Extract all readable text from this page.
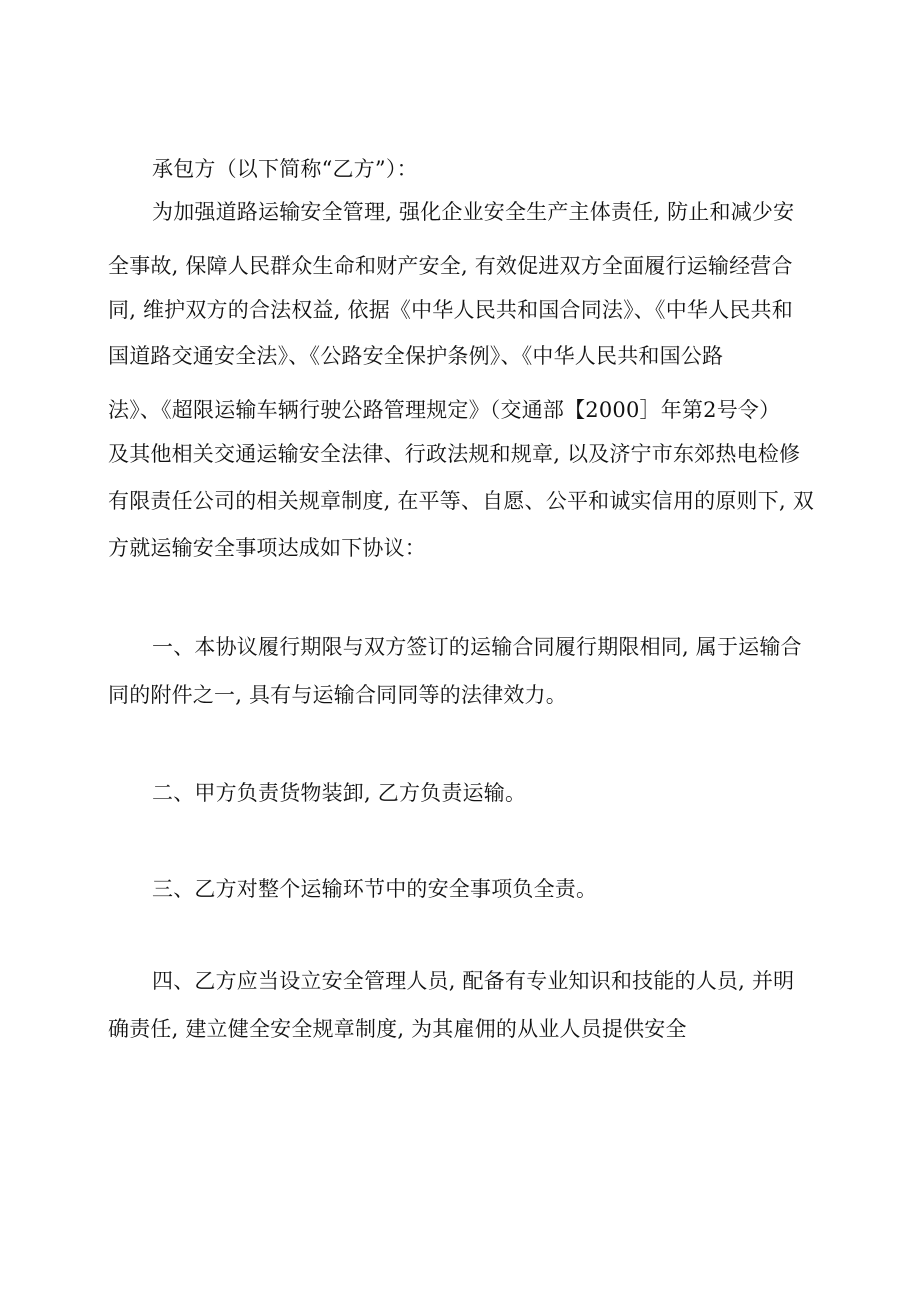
承包方（以下简称“乙方”）：
为加强道路运输安全管理, 强化企业安全生产主体责任, 防止和减少安
全事故, 保障人民群众生命和财产安全, 有效促进双方全面履行运输经营合
同, 维护双方的合法权益, 依据《中华人民共和国合同法》、《中华人民共和
国道路交通安全法》、《公路安全保护条例》、《中华人民共和国公路
法》、《超限运输车辆行驶公路管理规定》（交通部【2000］年第2号令）
及其他相关交通运输安全法律、行政法规和规章, 以及济宁市东郊热电检修
有限责任公司的相关规章制度, 在平等、自愿、公平和诚实信用的原则下, 双
方就运输安全事项达成如下协议：
一、本协议履行期限与双方签订的运输合同履行期限相同, 属于运输合
同的附件之一, 具有与运输合同同等的法律效力。
二、甲方负责货物装卸, 乙方负责运输。
三、乙方对整个运输环节中的安全事项负全责。
四、乙方应当设立安全管理人员, 配备有专业知识和技能的人员, 并明
确责任, 建立健全安全规章制度, 为其雇佣的从业人员提供安全
